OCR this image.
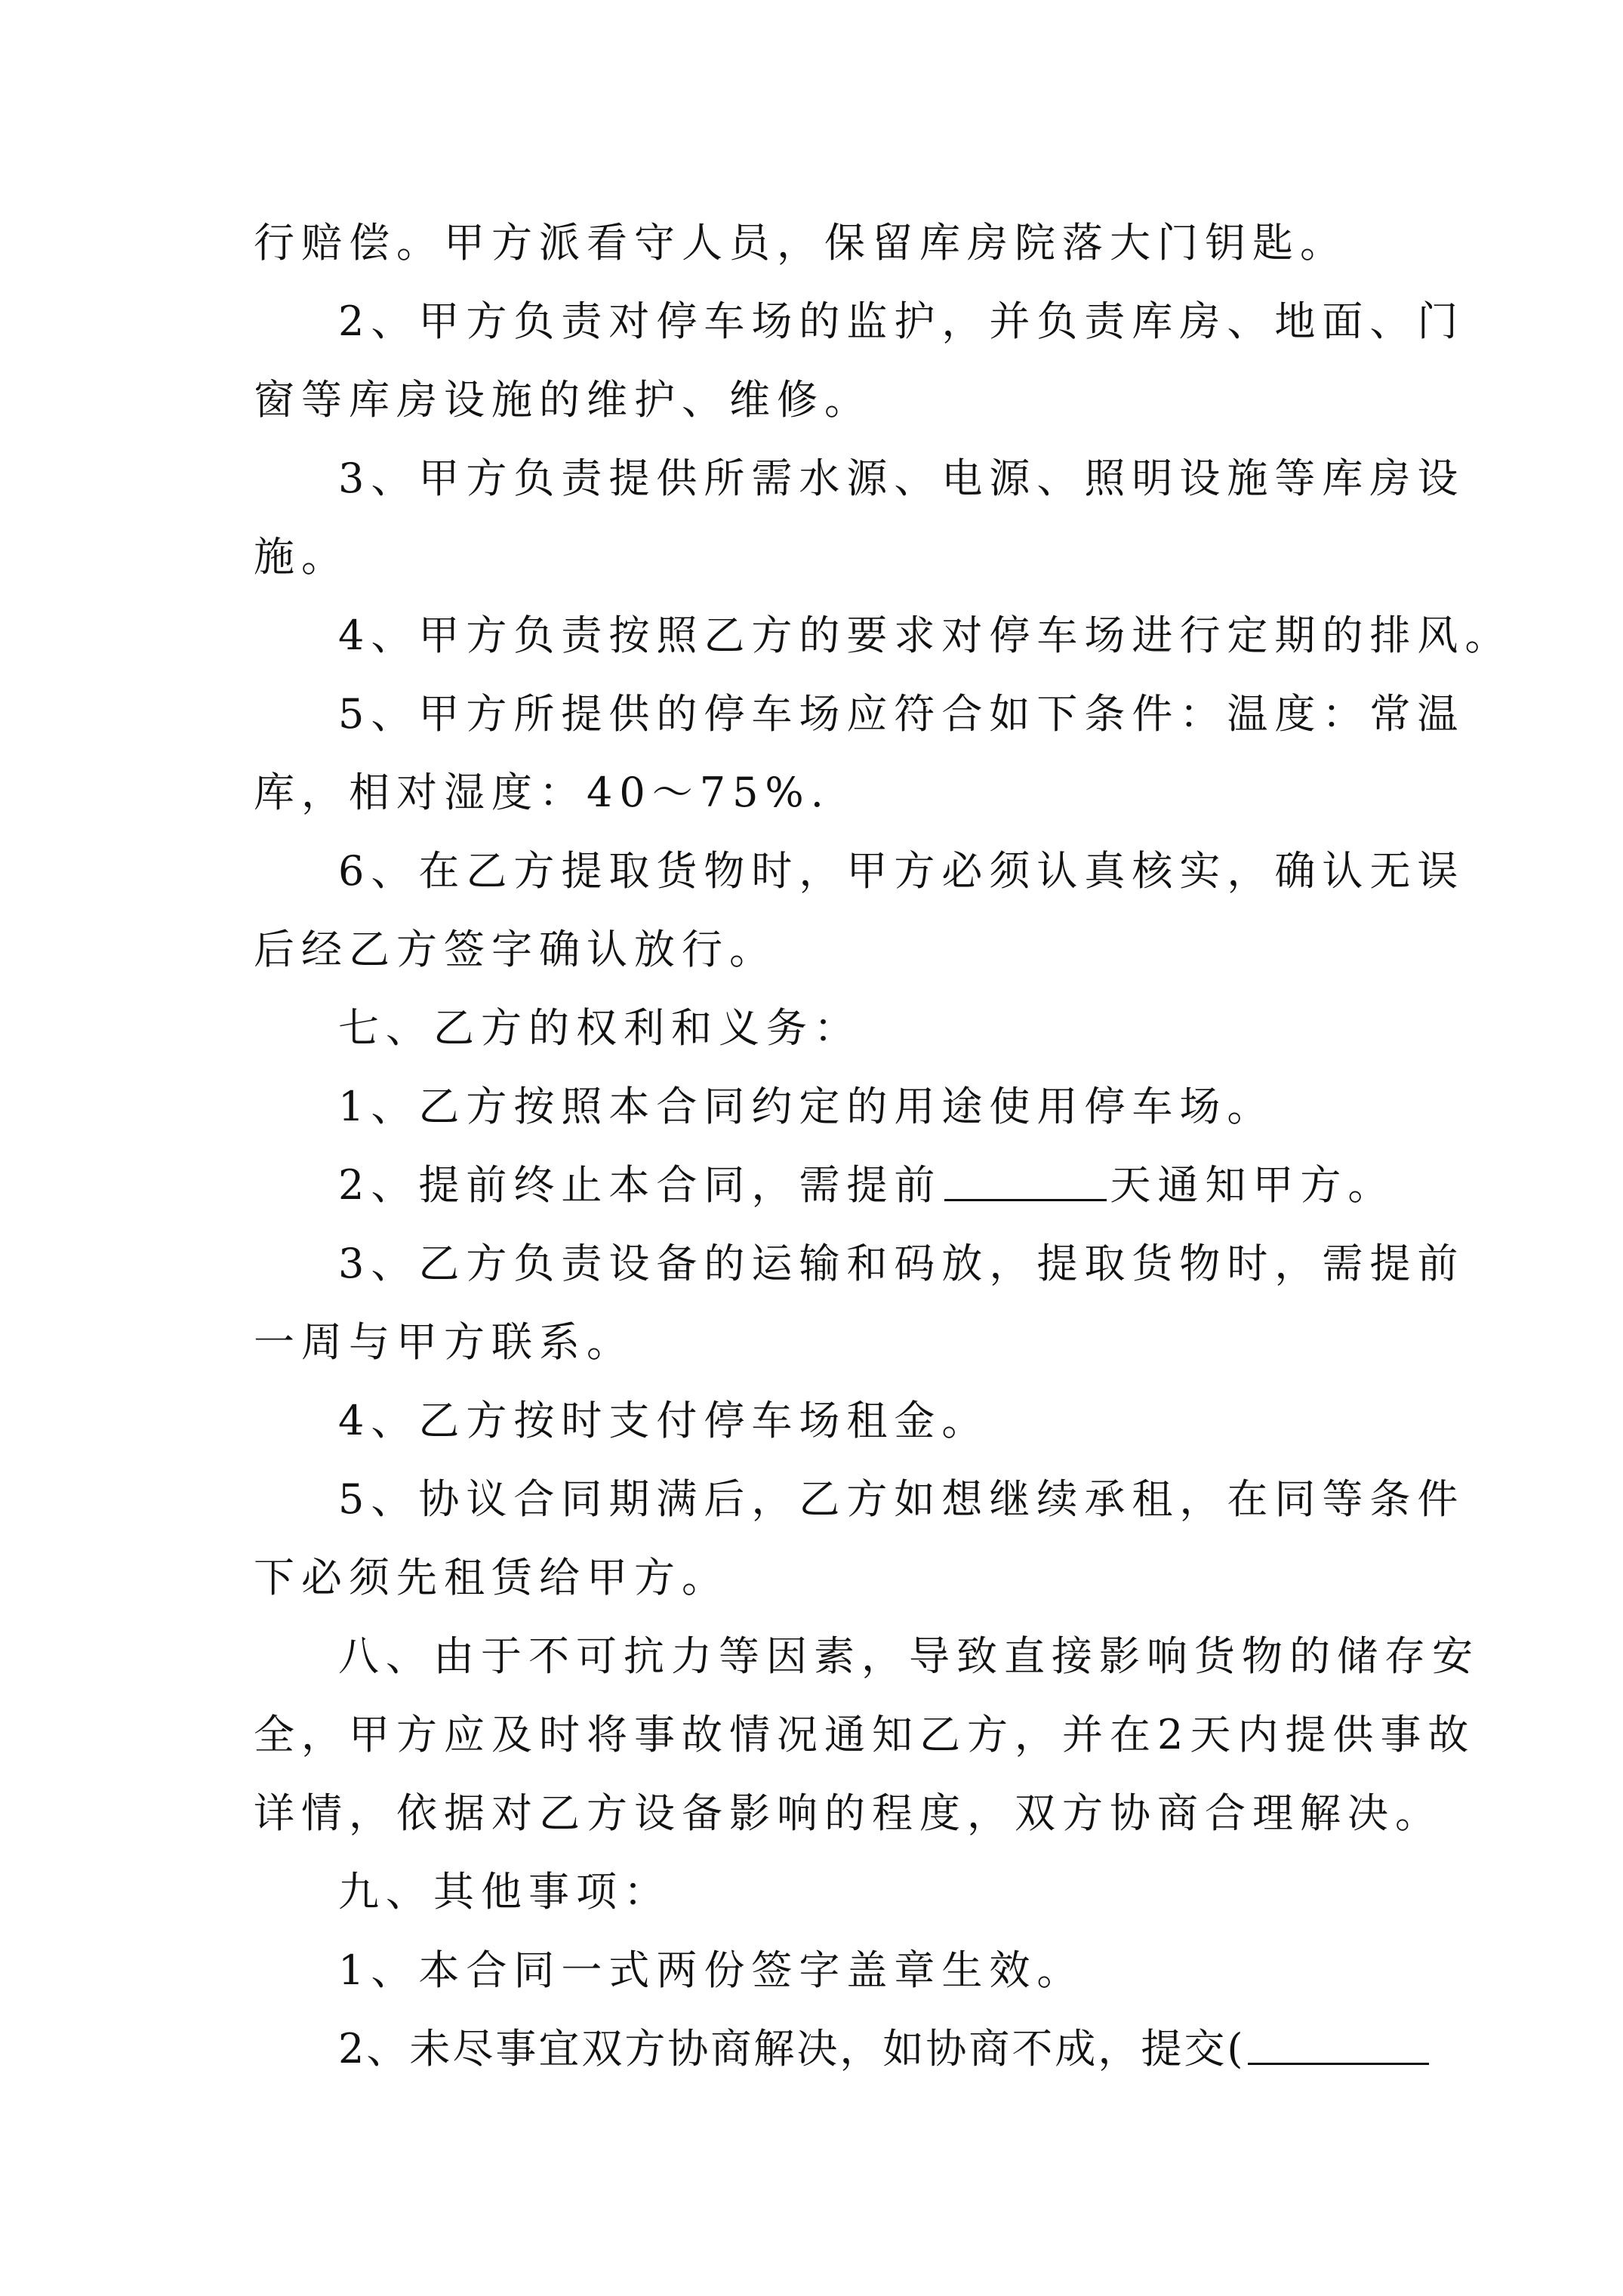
行赔偿。甲方派看守人员，保留库房院落大门钥匙。
2、甲方负责对停车场的监护，并负责库房、地面、门
窗等库房设施的维护、维修。
3、甲方负责提供所需水源、电源、照明设施等库房设
施。
4、甲方负责按照乙方的要求对停车场进行定期的排风。
5、甲方所提供的停车场应符合如下条件：温度：常温
库，相对湿度：40～75%.
6、在乙方提取货物时，甲方必须认真核实，确认无误
后经乙方签字确认放行。
七、乙方的权利和义务：
1、乙方按照本合同约定的用途使用停车场。
2、提前终止本合同，需提前	天通知甲方。
3、乙方负责设备的运输和码放，提取货物时，需提前
一周与甲方联系。
4、乙方按时支付停车场租金。
5、协议合同期满后，乙方如想继续承租，在同等条件
下必须先租赁给甲方。
八、由于不可抗力等因素，导致直接影响货物的储存安
全，甲方应及时将事故情况通知乙方，并在2天内提供事故
详情，依据对乙方设备影响的程度，双方协商合理解决。
九、其他事项：
1、本合同一式两份签字盖章生效。
2、未尽事宜双方协商解决，如协商不成，提交(
